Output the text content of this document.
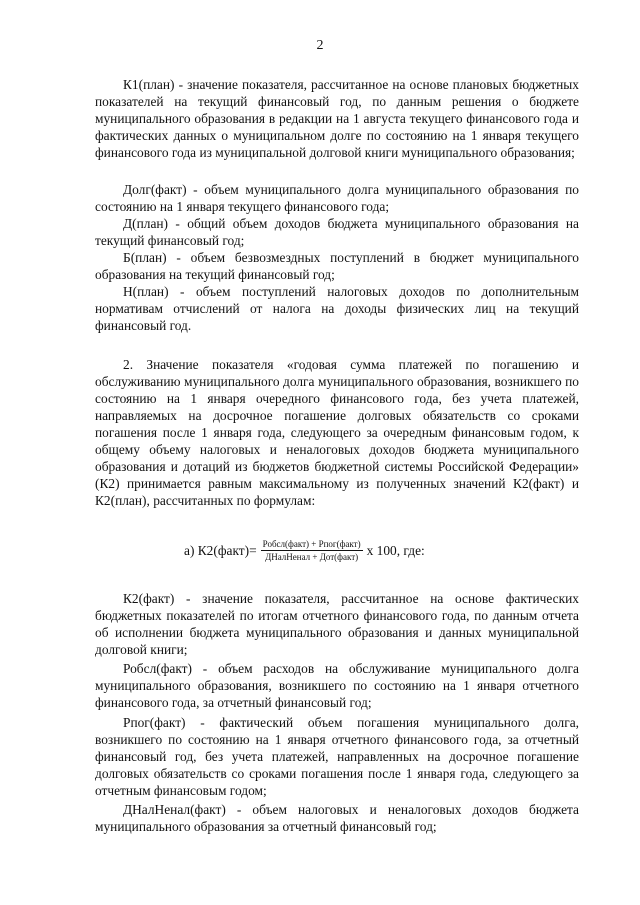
2
К1(план) - значение показателя, рассчитанное на основе плановых бюджетных показателей на текущий финансовый год, по данным решения о бюджете муниципального образования в редакции на 1 августа текущего финансового года и фактических данных о муниципальном долге по состоянию на 1 января текущего финансового года из муниципальной долговой книги муниципального образования;
Долг(факт) - объем муниципального долга муниципального образования по состоянию на 1 января текущего финансового года;
Д(план) - общий объем доходов бюджета муниципального образования на текущий финансовый год;
Б(план) - объем безвозмездных поступлений в бюджет муниципального образования на текущий финансовый год;
Н(план) - объем поступлений налоговых доходов по дополнительным нормативам отчислений от налога на доходы физических лиц на текущий финансовый год.
2. Значение показателя «годовая сумма платежей по погашению и обслуживанию муниципального долга муниципального образования, возникшего по состоянию на 1 января очередного финансового года, без учета платежей, направляемых на досрочное погашение долговых обязательств со сроками погашения после 1 января года, следующего за очередным финансовым годом, к общему объему налоговых и неналоговых доходов бюджета муниципального образования и дотаций из бюджетов бюджетной системы Российской Федерации» (К2) принимается равным максимальному из полученных значений К2(факт) и К2(план), рассчитанных по формулам:
а) К2(факт)= $\frac{\text{Робсл(факт) + Рпог(факт)}}{\text{ДНалНенал + Дот(факт)}}$ x 100, где:
К2(факт) - значение показателя, рассчитанное на основе фактических бюджетных показателей по итогам отчетного финансового года, по данным отчета об исполнении бюджета муниципального образования и данных муниципальной долговой книги;
Робсл(факт) - объем расходов на обслуживание муниципального долга муниципального образования, возникшего по состоянию на 1 января отчетного финансового года, за отчетный финансовый год;
Рпог(факт) - фактический объем погашения муниципального долга, возникшего по состоянию на 1 января отчетного финансового года, за отчетный финансовый год, без учета платежей, направленных на досрочное погашение долговых обязательств со сроками погашения после 1 января года, следующего за отчетным финансовым годом;
ДНалНенал(факт) - объем налоговых и неналоговых доходов бюджета муниципального образования за отчетный финансовый год;
